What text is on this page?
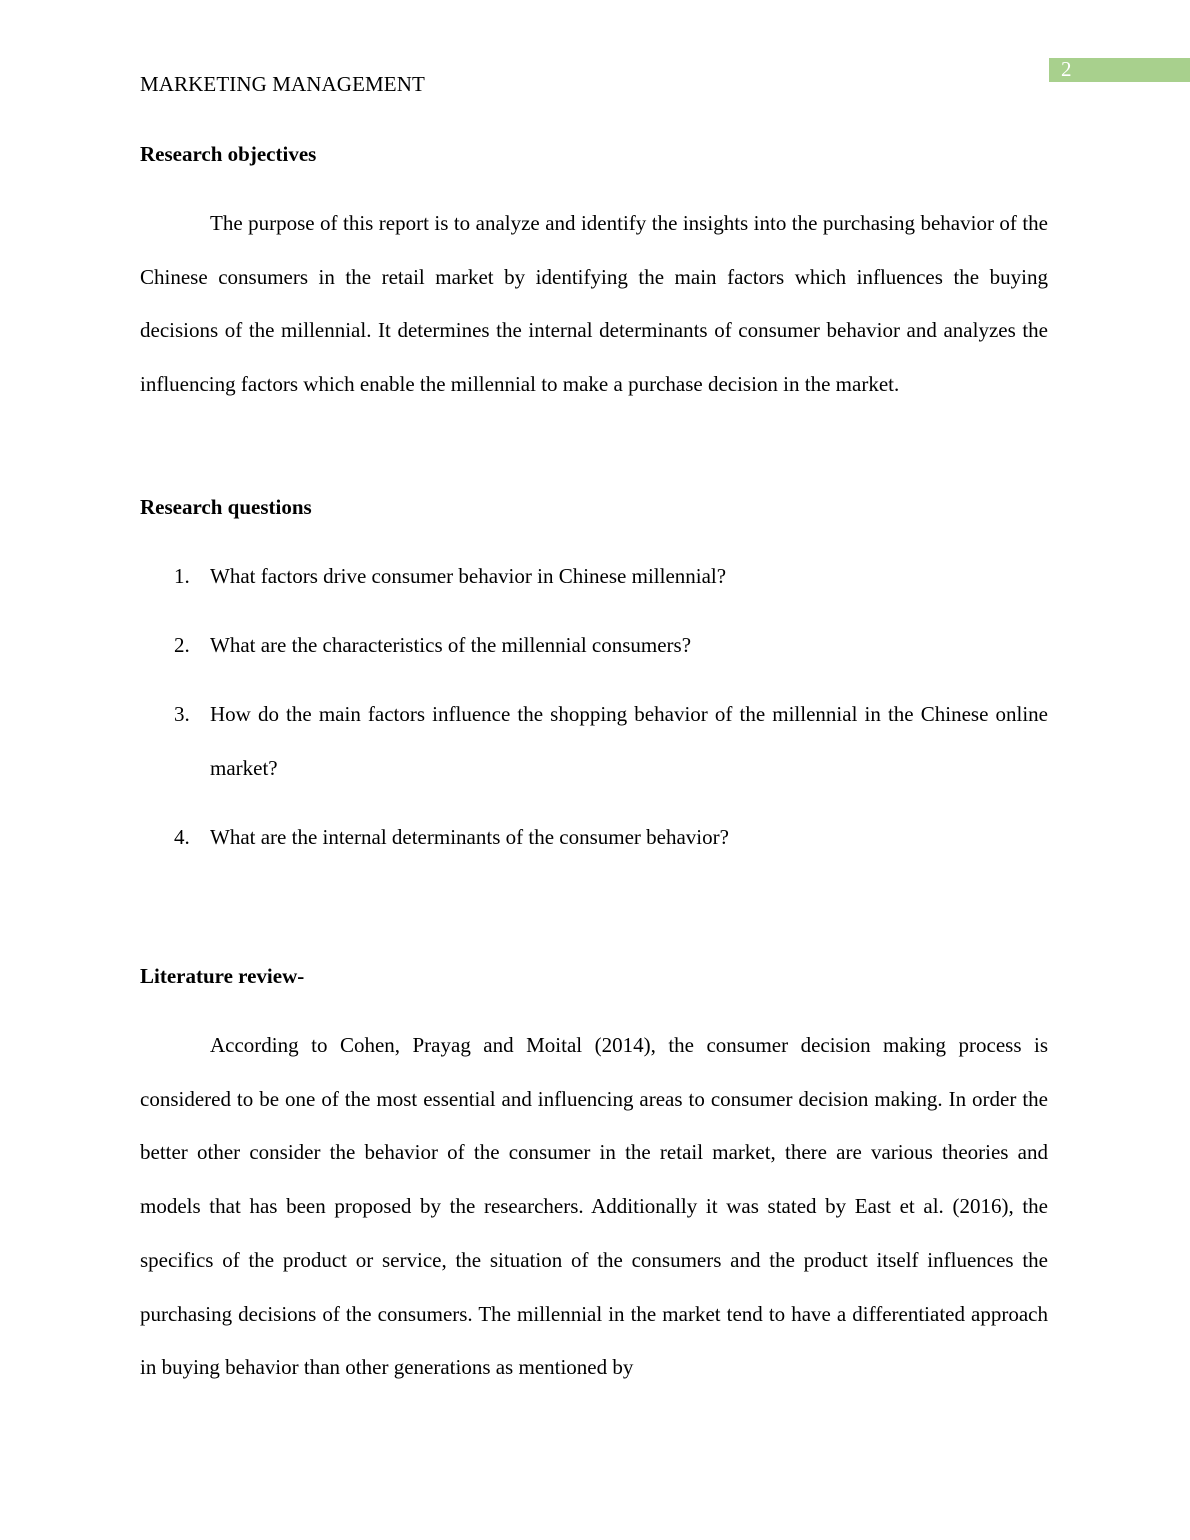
2
MARKETING MANAGEMENT
Research objectives

The purpose of this report is to analyze and identify the insights into the purchasing behavior of the Chinese consumers in the retail market by identifying the main factors which influences the buying decisions of the millennial. It determines the internal determinants of consumer behavior and analyzes the influencing factors which enable the millennial to make a purchase decision in the market.

Research questions
1. What factors drive consumer behavior in Chinese millennial?
2. What are the characteristics of the millennial consumers?
3. How do the main factors influence the shopping behavior of the millennial in the Chinese online market?
4. What are the internal determinants of the consumer behavior?
Literature review-

According to Cohen, Prayag and Moital (2014), the consumer decision making process is considered to be one of the most essential and influencing areas to consumer decision making. In order the better other consider the behavior of the consumer in the retail market, there are various theories and models that has been proposed by the researchers. Additionally it was stated by East et al. (2016), the specifics of the product or service, the situation of the consumers and the product itself influences the purchasing decisions of the consumers. The millennial in the market tend to have a differentiated approach in buying behavior than other generations as mentioned by
